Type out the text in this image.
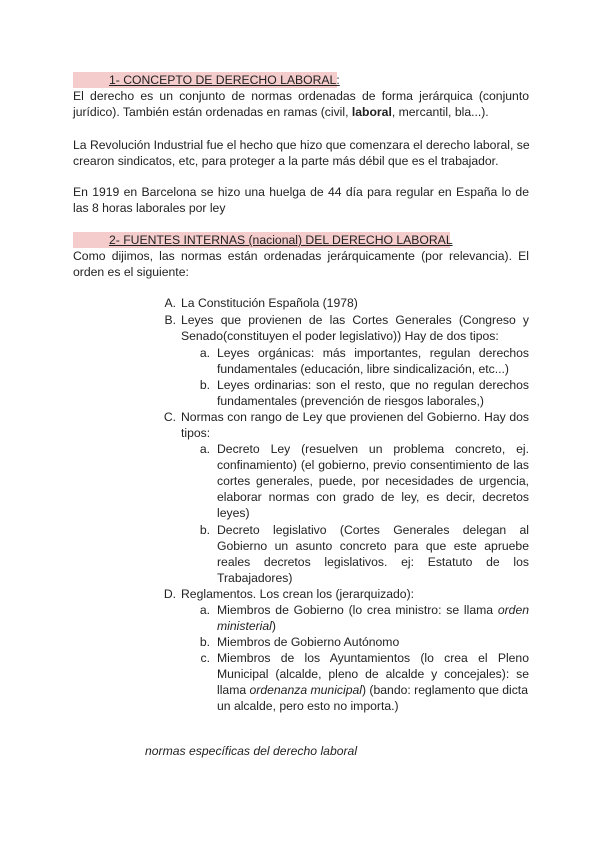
1- CONCEPTO DE DERECHO LABORAL:
El derecho es un conjunto de normas ordenadas de forma jerárquica (conjunto
jurídico). También están ordenadas en ramas (civil, laboral, mercantil, bla...).
La Revolución Industrial fue el hecho que hizo que comenzara el derecho laboral, se
crearon sindicatos, etc, para proteger a la parte más débil que es el trabajador.
En 1919 en Barcelona se hizo una huelga de 44 día para regular en España lo de
las 8 horas laborales por ley
2- FUENTES INTERNAS (nacional) DEL DERECHO LABORAL
Como dijimos, las normas están ordenadas jerárquicamente (por relevancia). El
orden es el siguiente:
A. La Constitución Española (1978)
B. Leyes que provienen de las Cortes Generales (Congreso y
Senado(constituyen el poder legislativo)) Hay de dos tipos:
a. Leyes orgánicas: más importantes, regulan derechos
fundamentales (educación, libre sindicalización, etc...)
b. Leyes ordinarias: son el resto, que no regulan derechos
fundamentales (prevención de riesgos laborales,)
C. Normas con rango de Ley que provienen del Gobierno. Hay dos
tipos:
a. Decreto Ley (resuelven un problema concreto, ej.
confinamiento) (el gobierno, previo consentimiento de las
cortes generales, puede, por necesidades de urgencia,
elaborar normas con grado de ley, es decir, decretos
leyes)
b. Decreto legislativo (Cortes Generales delegan al
Gobierno un asunto concreto para que este apruebe
reales decretos legislativos. ej: Estatuto de los
Trabajadores)
D. Reglamentos. Los crean los (jerarquizado):
a. Miembros de Gobierno (lo crea ministro: se llama orden
ministerial)
b. Miembros de Gobierno Autónomo
c. Miembros de los Ayuntamientos (lo crea el Pleno
Municipal (alcalde, pleno de alcalde y concejales): se
llama ordenanza municipal) (bando: reglamento que dicta
un alcalde, pero esto no importa.)
normas específicas del derecho laboral
